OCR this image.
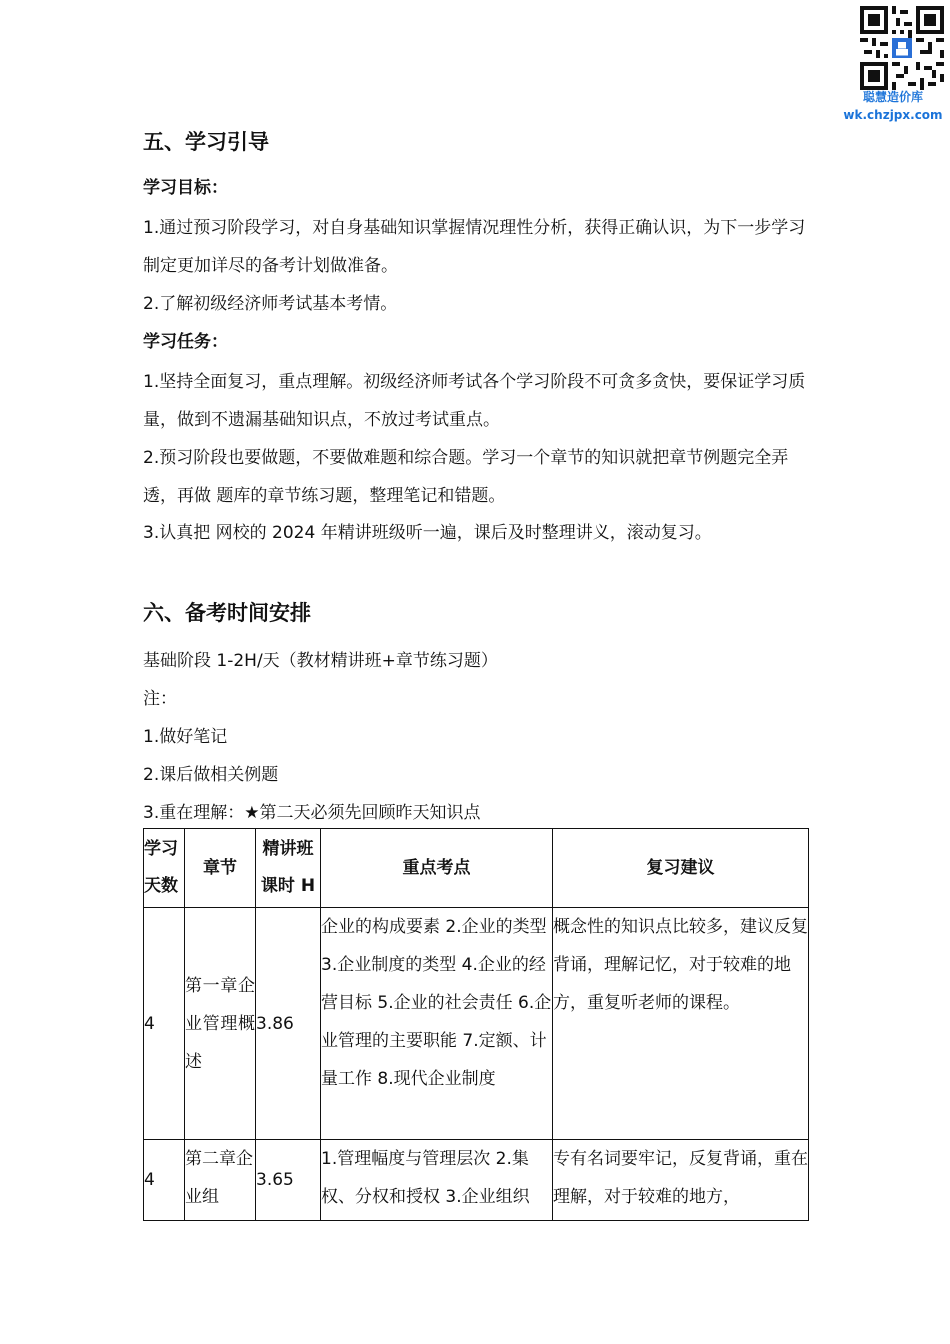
聪慧造价库
wk.chzjpx.com
五、学习引导
学习目标：

1.通过预习阶段学习，对自身基础知识掌握情况理性分析，获得正确认识，为下一步学习制定更加详尽的备考计划做准备。

2.了解初级经济师考试基本考情。

学习任务：

1.坚持全面复习，重点理解。初级经济师考试各个学习阶段不可贪多贪快，要保证学习质量，做到不遗漏基础知识点，不放过考试重点。

2.预习阶段也要做题，不要做难题和综合题。学习一个章节的知识就把章节例题完全弄透，再做 题库的章节练习题，整理笔记和错题。

3.认真把 网校的 2024 年精讲班级听一遍，课后及时整理讲义，滚动复习。

六、备考时间安排
基础阶段 1-2H/天（教材精讲班+章节练习题）
注：
1.做好笔记
2.课后做相关例题
3.重在理解：★第二天必须先回顾昨天知识点
学习天数	章节	精讲班课时 H	重点考点	复习建议
4	第一章企业管理概述	3.86	企业的构成要素 2.企业的类型 3.企业制度的类型 4.企业的经营目标 5.企业的社会责任 6.企业管理的主要职能 7.定额、计量工作 8.现代企业制度	概念性的知识点比较多，建议反复背诵，理解记忆，对于较难的地方，重复听老师的课程。
4	第二章企业组	3.65	1.管理幅度与管理层次 2.集权、分权和授权 3.企业组织	专有名词要牢记，反复背诵，重在理解，对于较难的地方，
